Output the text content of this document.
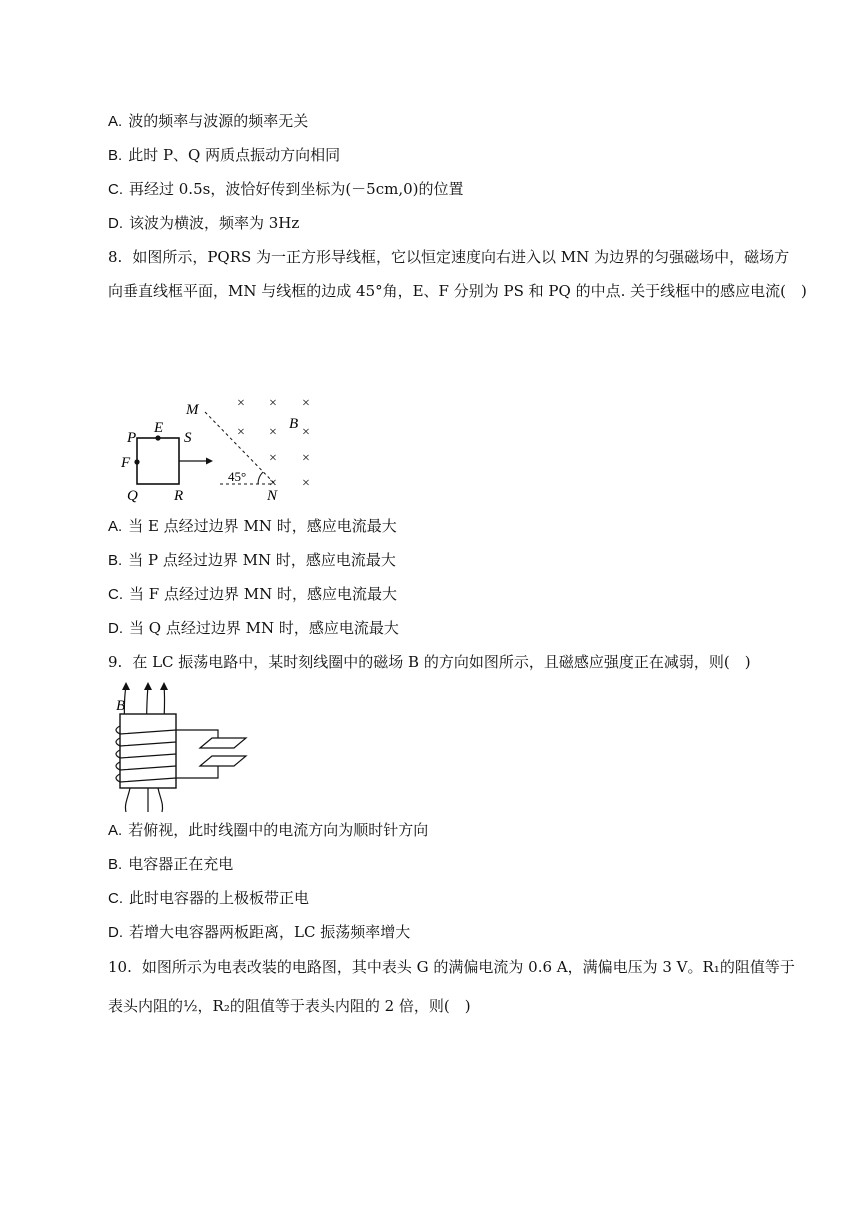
A. 波的频率与波源的频率无关
B. 此时 P、Q 两质点振动方向相同
C. 再经过 0.5s，波恰好传到坐标为(－5cm,0)的位置
D. 该波为横波，频率为 3Hz
8. 如图所示，PQRS 为一正方形导线框，它以恒定速度向右进入以 MN 为边界的匀强磁场中，磁场方
向垂直线框平面，MN 与线框的边成 45°角，E、F 分别为 PS 和 PQ 的中点. 关于线框中的感应电流(　)
M
P
E
S
F
Q R	N
B
45°
× × ×
× × ×
× ×
× ×
A. 当 E 点经过边界 MN 时，感应电流最大
B. 当 P 点经过边界 MN 时，感应电流最大
C. 当 F 点经过边界 MN 时，感应电流最大
D. 当 Q 点经过边界 MN 时，感应电流最大
9. 在 LC 振荡电路中，某时刻线圈中的磁场 B 的方向如图所示，且磁感应强度正在减弱，则(　)
B
A. 若俯视，此时线圈中的电流方向为顺时针方向
B. 电容器正在充电
C. 此时电容器的上极板带正电
D. 若增大电容器两板距离，LC 振荡频率增大
10. 如图所示为电表改装的电路图，其中表头 G 的满偏电流为 0.6 A，满偏电压为 3 V。R₁的阻值等于
表头内阻的½，R₂的阻值等于表头内阻的 2 倍，则(　)
